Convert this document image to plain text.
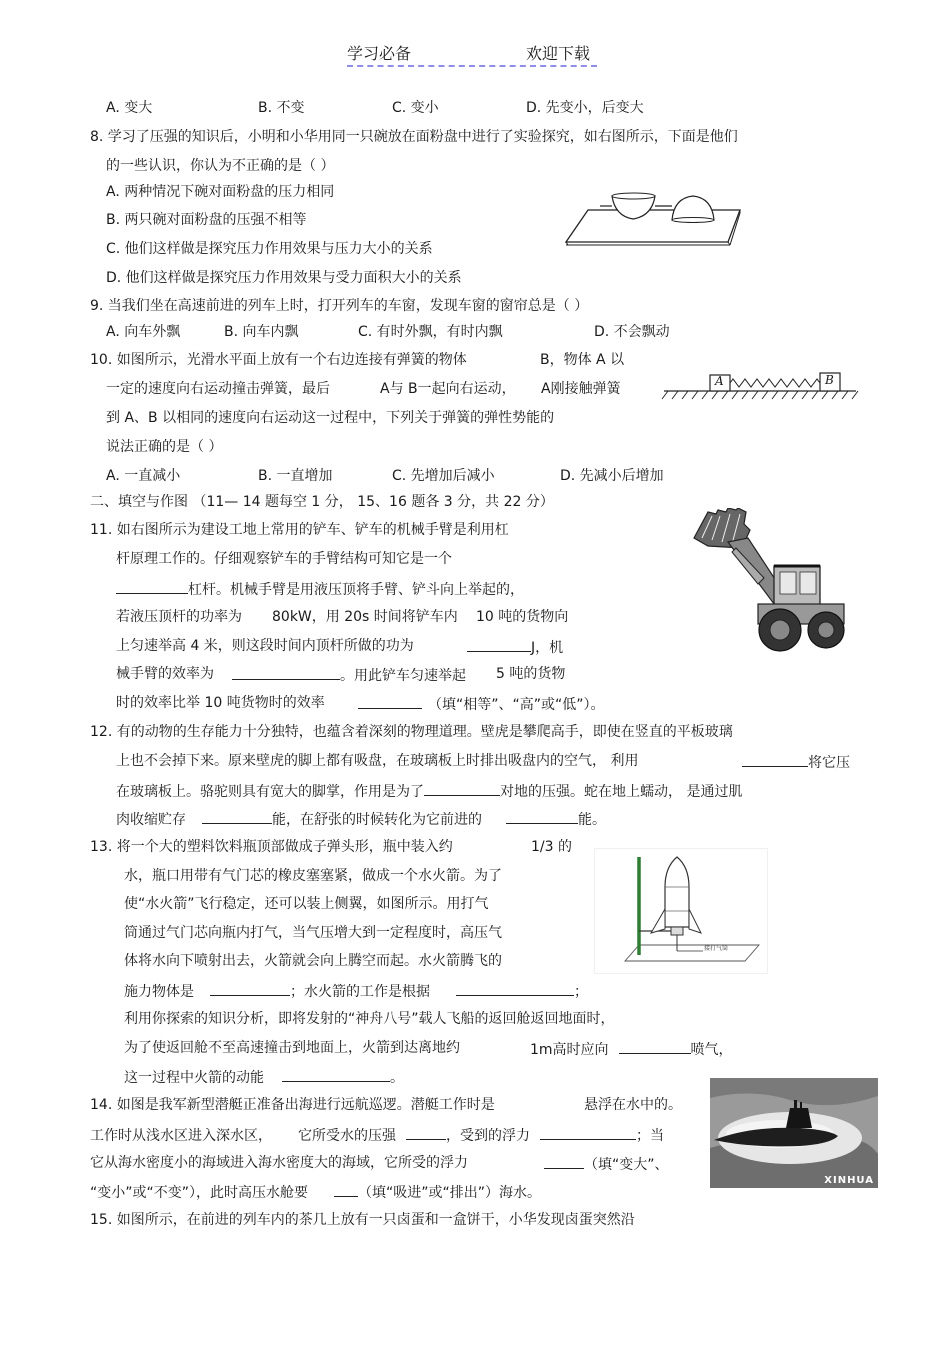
学习必备	欢迎下载
A. 变大	B. 不变	C. 变小	D. 先变小，后变大
8. 学习了压强的知识后，小明和小华用同一只碗放在面粉盘中进行了实验探究，如右图所示，下面是他们
的一些认识，你认为不正确的是（ ）
A. 两种情况下碗对面粉盘的压力相同
B. 两只碗对面粉盘的压强不相等
C. 他们这样做是探究压力作用效果与压力大小的关系
D. 他们这样做是探究压力作用效果与受力面积大小的关系
9. 当我们坐在高速前进的列车上时，打开列车的车窗，发现车窗的窗帘总是（ ）
A. 向车外飘	B. 向车内飘	C. 有时外飘，有时内飘	D. 不会飘动
10. 如图所示，光滑水平面上放有一个右边连接有弹簧的物体	B，物体 A 以
一定的速度向右运动撞击弹簧，最后	A与 B一起向右运动， A刚接触弹簧
到 A、B 以相同的速度向右运动这一过程中，下列关于弹簧的弹性势能的
说法正确的是（ ）
A. 一直减小	B. 一直增加	C. 先增加后减小	D. 先减小后增加
A	B
二、填空与作图 （11— 14 题每空 1 分， 15、16 题各 3 分，共 22 分）
11. 如右图所示为建设工地上常用的铲车、铲车的机械手臂是利用杠
杆原理工作的。仔细观察铲车的手臂结构可知它是一个
杠杆。机械手臂是用液压顶将手臂、铲斗向上举起的，
若液压顶杆的功率为 80kW，用 20s 时间将铲车内 10 吨的货物向
上匀速举高 4 米，则这段时间内顶杆所做的功为	J，机
械手臂的效率为	。用此铲车匀速举起 5 吨的货物
时的效率比举 10 吨货物时的效率	（填“相等”、“高”或“低”）。
12. 有的动物的生存能力十分独特，也蕴含着深刻的物理道理。壁虎是攀爬高手，即使在竖直的平板玻璃
上也不会掉下来。原来壁虎的脚上都有吸盘，在玻璃板上时排出吸盘内的空气， 利用	将它压
在玻璃板上。骆驼则具有宽大的脚掌，作用是为了	对地的压强。蛇在地上蠕动， 是通过肌
肉收缩贮存	能，在舒张的时候转化为它前进的	能。
13. 将一个大的塑料饮料瓶顶部做成子弹头形，瓶中装入约	1/3 的
水，瓶口用带有气门芯的橡皮塞塞紧，做成一个水火箭。为了
使“水火箭”飞行稳定，还可以装上侧翼，如图所示。用打气
筒通过气门芯向瓶内打气，当气压增大到一定程度时，高压气
体将水向下喷射出去，火箭就会向上腾空而起。水火箭腾飞的
施力物体是	；水火箭的工作是根据	；
利用你探索的知识分析，即将发射的“神舟八号”载人飞船的返回舱返回地面时，
为了使返回舱不至高速撞击到地面上，火箭到达离地约	1m高时应向	喷气，
这一过程中火箭的动能	。
接打气筒
14. 如图是我军新型潜艇正准备出海进行远航巡逻。潜艇工作时是	悬浮在水中的。
工作时从浅水区进入深水区， 它所受水的压强	，受到的浮力	；当
它从海水密度小的海域进入海水密度大的海域，它所受的浮力	（填“变大”、
“变小”或“不变”），此时高压水舱要	（填“吸进”或“排出”）海水。
XINHUA
15. 如图所示，在前进的列车内的茶几上放有一只卤蛋和一盒饼干，小华发现卤蛋突然沿
